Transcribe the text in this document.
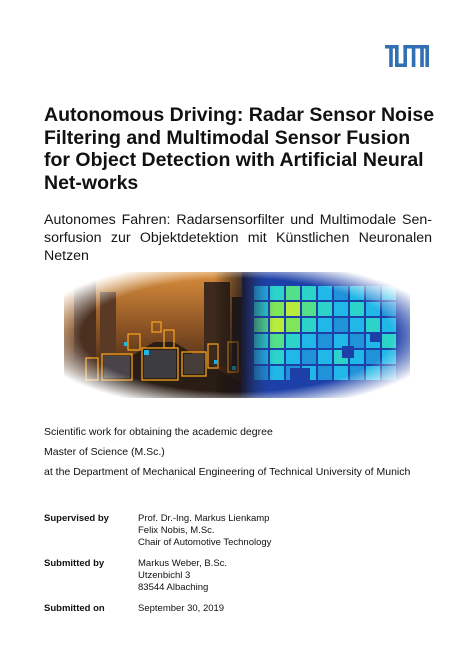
Autonomous Driving: Radar Sensor Noise Filtering and Multimodal Sensor Fusion for Object Detection with Artificial Neural Net-works

Autonomes Fahren: Radarsensorfilter und Multimodale Sen-sorfusion zur Objektdetektion mit Künstlichen Neuronalen Netzen

Scientific work for obtaining the academic degree
Master of Science (M.Sc.)
at the Department of Mechanical Engineering of Technical University of Munich
Supervised by	Prof. Dr.-Ing. Markus Lienkamp
Felix Nobis, M.Sc.
Chair of Automotive Technology
Submitted by	Markus Weber, B.Sc.
Utzenbichl 3
83544 Albaching
Submitted on	September 30, 2019
